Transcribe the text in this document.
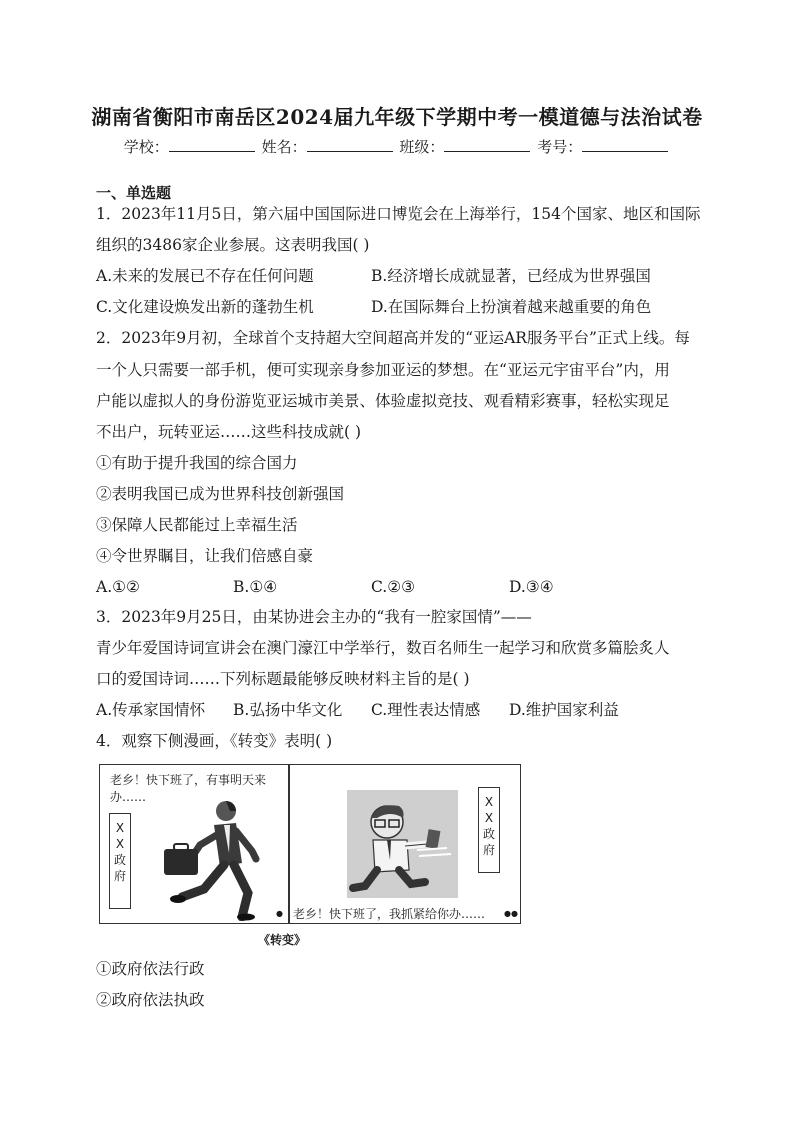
湖南省衡阳市南岳区2024届九年级下学期中考一模道德与法治试卷
学校：	姓名：	班级：	考号：
一、单选题
1．2023年11月5日，第六届中国国际进口博览会在上海举行，154个国家、地区和国际
组织的3486家企业参展。这表明我国( )
A.未来的发展已不存在任何问题	B.经济增长成就显著，已经成为世界强国
C.文化建设焕发出新的蓬勃生机	D.在国际舞台上扮演着越来越重要的角色
2．2023年9月初，全球首个支持超大空间超高并发的“亚运AR服务平台”正式上线。每
一个人只需要一部手机，便可实现亲身参加亚运的梦想。在“亚运元宇宙平台”内，用
户能以虚拟人的身份游览亚运城市美景、体验虚拟竞技、观看精彩赛事，轻松实现足
不出户，玩转亚运……这些科技成就( )
①有助于提升我国的综合国力
②表明我国已成为世界科技创新强国
③保障人民都能过上幸福生活
④令世界瞩目，让我们倍感自豪
A.①②	B.①④	C.②③	D.③④
3．2023年9月25日，由某协进会主办的“我有一腔家国情”——
青少年爱国诗词宣讲会在澳门濠江中学举行，数百名师生一起学习和欣赏多篇脍炙人
口的爱国诗词……下列标题最能够反映材料主旨的是( )
A.传承家国情怀 B.弘扬中华文化 C.理性表达情感 D.维护国家利益
4．观察下侧漫画，《转变》表明( )
老乡！快下班了，有事明天来办……
X X 政 府
●
X X 政 府
老乡！快下班了，我抓紧给你办…… ●●
《转变》
①政府依法行政
②政府依法执政
